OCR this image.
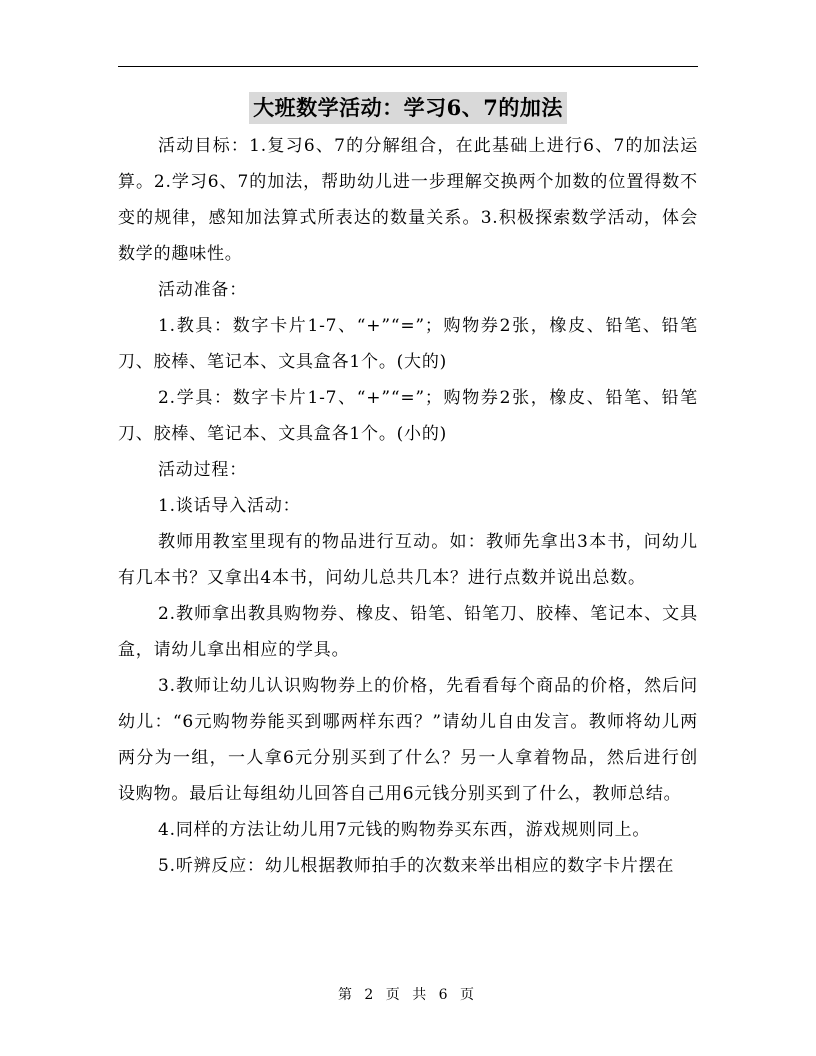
大班数学活动：学习6、7的加法

活动目标：1.复习6、7的分解组合，在此基础上进行6、7的加法运算。2.学习6、7的加法，帮助幼儿进一步理解交换两个加数的位置得数不变的规律，感知加法算式所表达的数量关系。3.积极探索数学活动，体会数学的趣味性。

活动准备：

1.教具：数字卡片1-7、“+”“=”；购物券2张，橡皮、铅笔、铅笔刀、胶棒、笔记本、文具盒各1个。(大的)

2.学具：数字卡片1-7、“+”“=”；购物券2张，橡皮、铅笔、铅笔刀、胶棒、笔记本、文具盒各1个。(小的)

活动过程：

1.谈话导入活动：

教师用教室里现有的物品进行互动。如：教师先拿出3本书，问幼儿有几本书？又拿出4本书，问幼儿总共几本？进行点数并说出总数。

2.教师拿出教具购物券、橡皮、铅笔、铅笔刀、胶棒、笔记本、文具盒，请幼儿拿出相应的学具。

3.教师让幼儿认识购物券上的价格，先看看每个商品的价格，然后问幼儿：“6元购物券能买到哪两样东西？”请幼儿自由发言。教师将幼儿两两分为一组，一人拿6元分别买到了什么？另一人拿着物品，然后进行创设购物。最后让每组幼儿回答自己用6元钱分别买到了什么，教师总结。

4.同样的方法让幼儿用7元钱的购物券买东西，游戏规则同上。

5.听辨反应：幼儿根据教师拍手的次数来举出相应的数字卡片摆在

第 2 页 共 6 页
